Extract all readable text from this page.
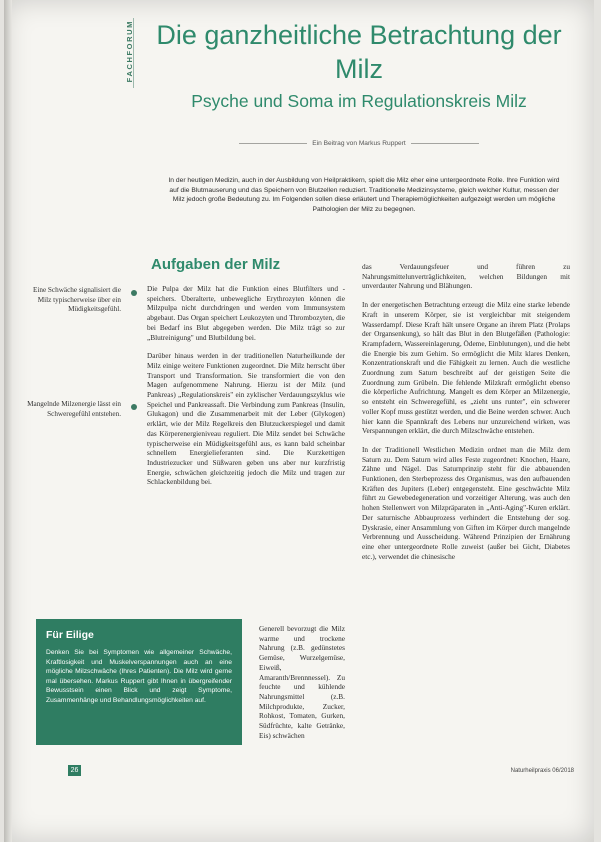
FACHFORUM Die ganzheitliche Betrachtung der Milz
Psyche und Soma im Regulationskreis Milz
Ein Beitrag von Markus Ruppert

In der heutigen Medizin, auch in der Ausbildung von Heilpraktikern, spielt die Milz eher eine untergeordnete Rolle. Ihre Funktion wird auf die Blutmauserung und das Speichern von Blutzellen reduziert. Traditionelle Medizinsysteme, gleich welcher Kultur, messen der Milz jedoch große Bedeutung zu. Im Folgenden sollen diese erläutert und Therapiemöglichkeiten aufgezeigt werden um mögliche Pathologien der Milz zu begegnen.

Aufgaben der Milz

Eine Schwäche signalisiert die Milz typischerweise über ein Müdigkeitsgefühl.

Mangelnde Milzenergie lässt ein Schweregefühl entstehen.

Die Pulpa der Milz hat die Funktion eines Blutfilters und -speichers. Überalterte, unbewegliche Erythrozyten können die Milzpulpa nicht durchdringen und werden vom Immunsystem abgebaut. Das Organ speichert Leukozyten und Thrombozyten, die bei Bedarf ins Blut abgegeben werden. Die Milz trägt so zur „Blutreinigung" und Blutbildung bei.

Darüber hinaus werden in der traditionellen Naturheilkunde der Milz einige weitere Funktionen zugeordnet. Die Milz herrscht über Transport und Transformation. Sie transformiert die von den Magen aufgenommene Nahrung. Hierzu ist der Milz (und Pankreas) „Regulationskreis" ein zyklischer Verdauungszyklus wie Speichel und Pankreassaft. Die Verbindung zum Pankreas (Insulin, Glukagon) und die Zusammenarbeit mit der Leber (Glykogen) erklärt, wie der Milz Regelkreis den Blutzuckerspiegel und damit das Körperenergieniveau reguliert. Die Milz sendet bei Schwäche typischerweise ein Müdigkeitsgefühl aus, es kann bald scheinbar schnellem Energielieferanten sind. Die Kurzkettigen Industriezucker und Süßwaren geben uns aber nur kurzfristig Energie, schwächen gleichzeitig jedoch die Milz und tragen zur Schlackenbildung bei.

Generell bevorzugt die Milz warme und trockene Nahrung (z.B. gedünstetes Gemüse, Wurzelgemüse, Eiweiß, Amaranth/Brennnessel). Zu feuchte und kühlende Nahrungsmittel (z.B. Milchprodukte, Zucker, Rohkost, Tomaten, Gurken, Südfrüchte, kalte Getränke, Eis) schwächen

das Verdauungsfeuer und führen zu Nahrungsmittelunverträglichkeiten, welchen Bildungen mit unverdauter Nahrung und Blähungen.

In der energetischen Betrachtung erzeugt die Milz eine starke lebende Kraft in unserem Körper, sie ist vergleichbar mit steigendem Wasserdampf. Diese Kraft hält unsere Organe an ihrem Platz (Prolaps der Organsenkung), so hält das Blut in den Blutgefäßen (Pathologie: Krampfadern, Wassereinlagerung, Ödeme, Einblutungen), und die hebt die Energie bis zum Gehirn. So ermöglicht die Milz klares Denken, Konzentrationskraft und die Fähigkeit zu lernen. Auch die westliche Zuordnung zum Saturn beschreibt auf der geistigen Seite die Zuordnung zum Grübeln. Die fehlende Milzkraft ermöglicht ebenso die körperliche Aufrichtung. Mangelt es dem Körper an Milzenergie, so entsteht ein Schweregefühl, es „zieht uns runter", ein schwerer voller Kopf muss gestützt werden, und die Beine werden schwer. Auch hier kann die Spannkraft des Lebens nur unzureichend wirken, was Verspannungen erklärt, die durch Milzschwäche entstehen.

In der Traditionell Westlichen Medizin ordnet man die Milz dem Saturn zu. Dem Saturn wird alles Feste zugeordnet: Knochen, Haare, Zähne und Nägel. Das Saturnprinzip steht für die abbauenden Funktionen, den Sterbeprozess des Organismus, was den aufbauenden Kräften des Jupiters (Leber) entgegensteht. Eine geschwächte Milz führt zu Gewebedegeneration und vorzeitiger Alterung, was auch den hohen Stellenwert von Milzpräparaten in „Anti-Aging"-Kuren erklärt. Der saturnische Abbauprozess verhindert die Entstehung der sog. Dyskrasie, einer Ansammlung von Giften im Körper durch mangelnde Verbrennung und Ausscheidung. Während Prinzipien der Ernährung eine eher untergeordnete Rolle zuweist (außer bei Gicht, Diabetes etc.), verwendet die chinesische

Für Eilige

Denken Sie bei Symptomen wie allgemeiner Schwäche, Kraftlosigkeit und Muskelverspannungen auch an eine mögliche Milzschwäche (Ihres Patienten). Die Milz wird gerne mal übersehen. Markus Ruppert gibt Ihnen in übergreifender Bewusstsein einen Blick und zeigt Symptome, Zusammenhänge und Behandlungsmöglichkeiten auf.

26	Naturheilpraxis 06/2018
